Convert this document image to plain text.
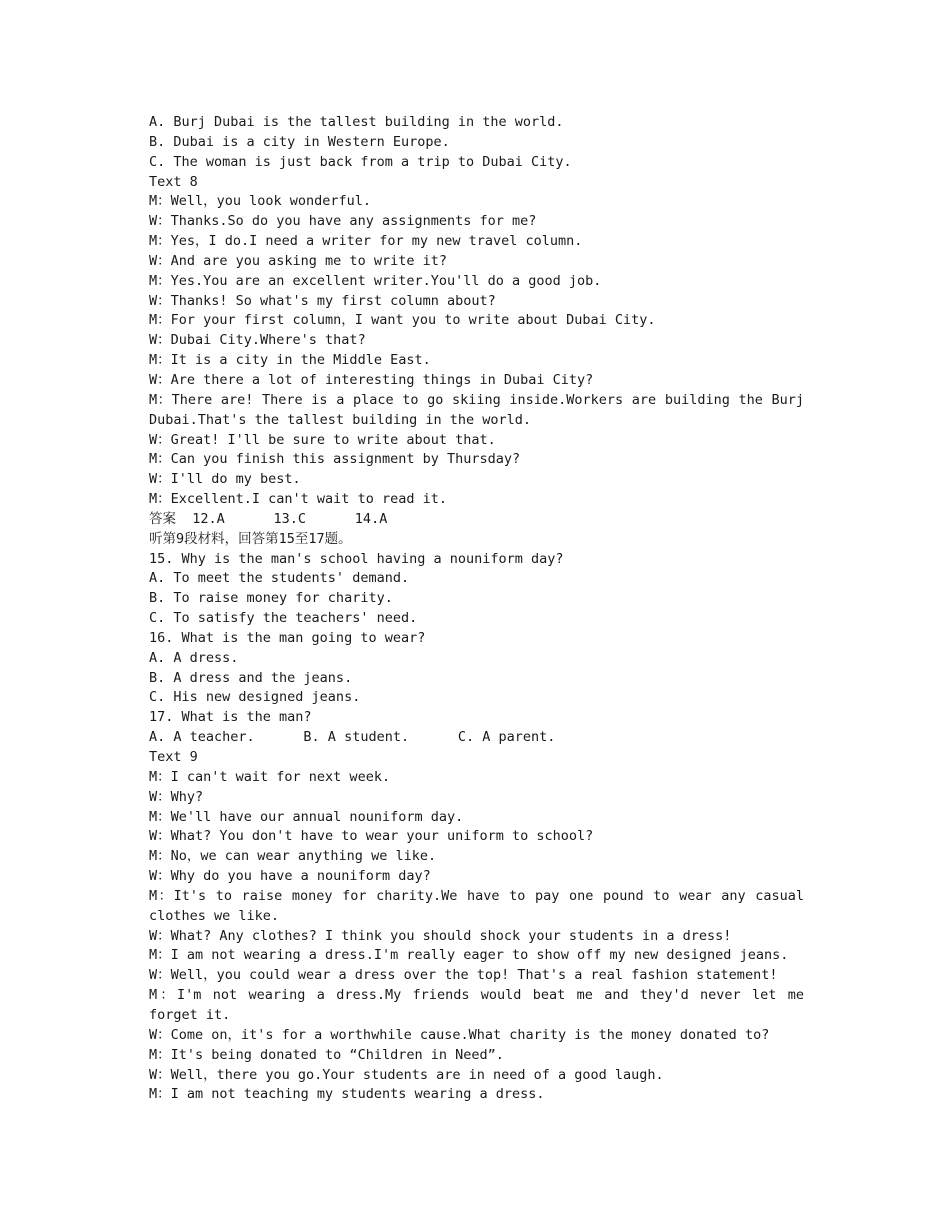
A. Burj Dubai is the tallest building in the world.
B. Dubai is a city in Western Europe.
C. The woman is just back from a trip to Dubai City.
Text 8
M：Well，you look wonderful.
W：Thanks.So do you have any assignments for me?
M：Yes，I do.I need a writer for my new travel column.
W：And are you asking me to write it?
M：Yes.You are an excellent writer.You'll do a good job.
W：Thanks! So what's my first column about?
M：For your first column，I want you to write about Dubai City.
W：Dubai City.Where's that?
M：It is a city in the Middle East.
W：Are there a lot of interesting things in Dubai City?
M：There are! There is a place to go skiing inside.Workers are building the Burj Dubai.That's the tallest building in the world.
W：Great! I'll be sure to write about that.
M：Can you finish this assignment by Thursday?
W：I'll do my best.
M：Excellent.I can't wait to read it.
答案  12.A      13.C      14.A
听第9段材料，回答第15至17题。
15. Why is the man's school having a nouniform day?
A. To meet the students' demand.
B. To raise money for charity.
C. To satisfy the teachers' need.
16. What is the man going to wear?
A. A dress.
B. A dress and the jeans.
C. His new designed jeans.
17. What is the man?
A. A teacher.      B. A student.      C. A parent.
Text 9
M：I can't wait for next week.
W：Why?
M：We'll have our annual nouniform day.
W：What? You don't have to wear your uniform to school?
M：No，we can wear anything we like.
W：Why do you have a nouniform day?
M：It's to raise money for charity.We have to pay one pound to wear any casual clothes we like.
W：What? Any clothes? I think you should shock your students in a dress!
M：I am not wearing a dress.I'm really eager to show off my new designed jeans.
W：Well，you could wear a dress over the top! That's a real fashion statement!
M：I'm not wearing a dress.My friends would beat me and they'd never let me forget it.
W：Come on，it's for a worthwhile cause.What charity is the money donated to?
M：It's being donated to “Children in Need”.
W：Well，there you go.Your students are in need of a good laugh.
M：I am not teaching my students wearing a dress.
